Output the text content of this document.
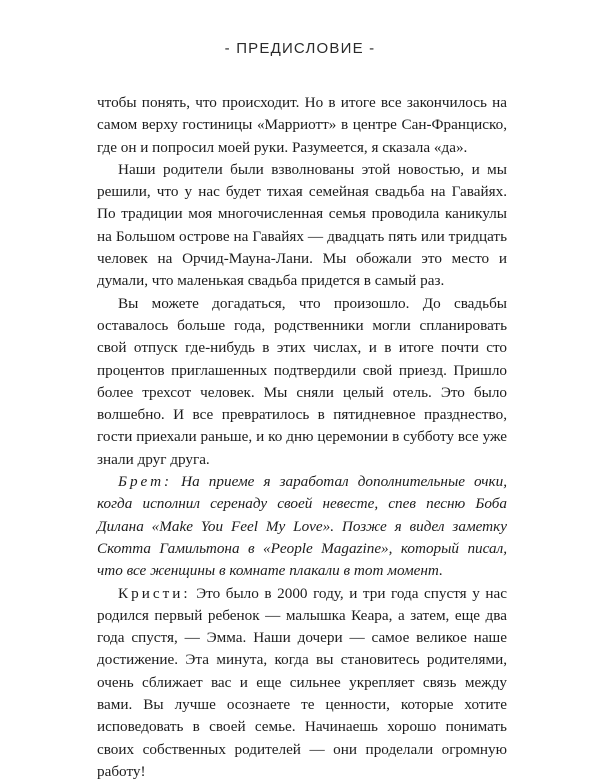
- ПРЕДИСЛОВИЕ -

чтобы понять, что происходит. Но в итоге все закончилось на самом верху гостиницы «Марриотт» в центре Сан-Франциско, где он и попросил моей руки. Разумеется, я сказала «да».

Наши родители были взволнованы этой новостью, и мы решили, что у нас будет тихая семейная свадьба на Гавайях. По традиции моя многочисленная семья проводила каникулы на Большом острове на Гавайях — двадцать пять или тридцать человек на Орчид-Мауна-Лани. Мы обожали это место и думали, что маленькая свадьба придется в самый раз.

Вы можете догадаться, что произошло. До свадьбы оставалось больше года, родственники могли спланировать свой отпуск где-нибудь в этих числах, и в итоге почти сто процентов приглашенных подтвердили свой приезд. Пришло более трехсот человек. Мы сняли целый отель. Это было волшебно. И все превратилось в пятидневное празднество, гости приехали раньше, и ко дню церемонии в субботу все уже знали друг друга.

Брет: На приеме я заработал дополнительные очки, когда исполнил серенаду своей невесте, спев песню Боба Дилана «Make You Feel My Love». Позже я видел заметку Скотта Гамильтона в «People Magazine», который писал, что все женщины в комнате плакали в тот момент.

Кристи: Это было в 2000 году, и три года спустя у нас родился первый ребенок — малышка Кеара, а затем, еще два года спустя, — Эмма. Наши дочери — самое великое наше достижение. Эта минута, когда вы становитесь родителями, очень сближает вас и еще сильнее укрепляет связь между вами. Вы лучше осознаете те ценности, которые хотите исповедовать в своей семье. Начинаешь хорошо понимать своих собственных родителей — они проделали огромную работу!
